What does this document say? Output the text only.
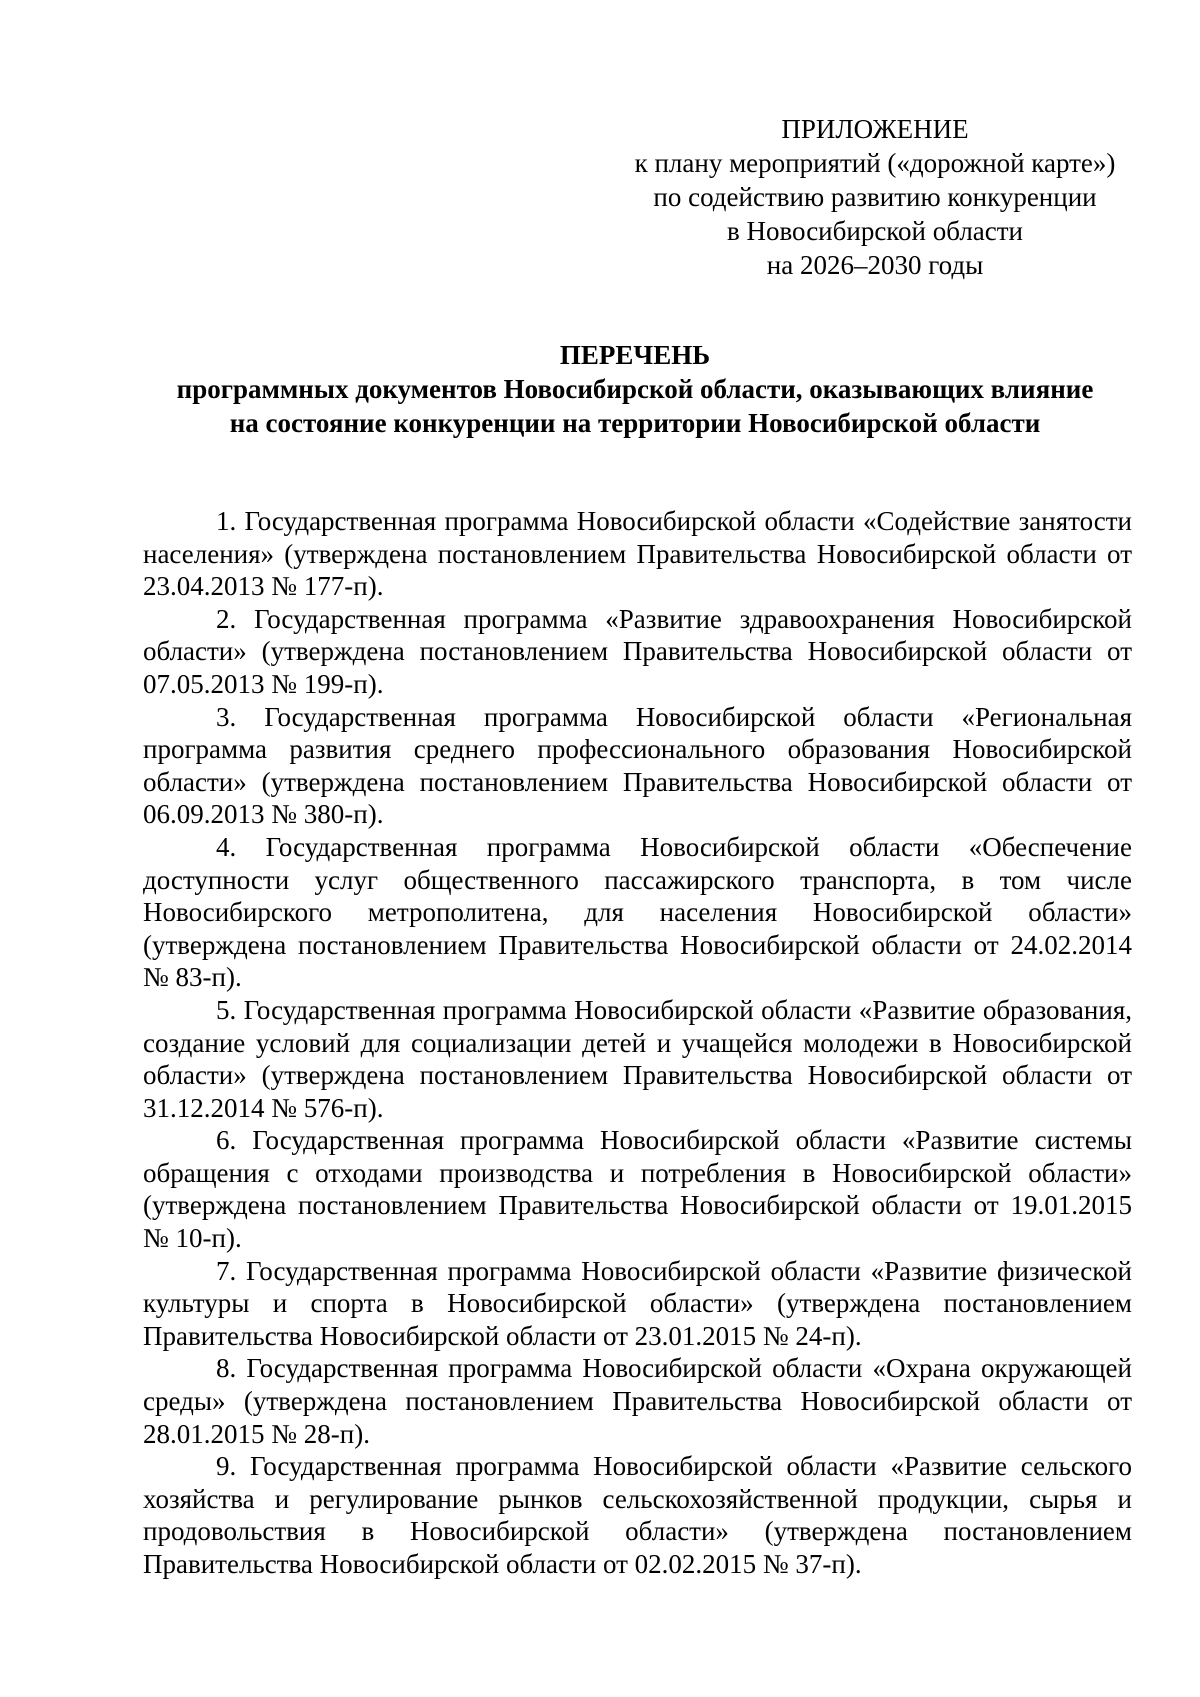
ПРИЛОЖЕНИЕ
к плану мероприятий («дорожной карте»)
по содействию развитию конкуренции
в Новосибирской области
на 2026–2030 годы
ПЕРЕЧЕНЬ
программных документов Новосибирской области, оказывающих влияние
на состояние конкуренции на территории Новосибирской области

1. Государственная программа Новосибирской области «Содействие занятости населения» (утверждена постановлением Правительства Новосибирской области от 23.04.2013 № 177-п).

2. Государственная программа «Развитие здравоохранения Новосибирской области» (утверждена постановлением Правительства Новосибирской области от 07.05.2013 № 199-п).

3. Государственная программа Новосибирской области «Региональная программа развития среднего профессионального образования Новосибирской области» (утверждена постановлением Правительства Новосибирской области от 06.09.2013 № 380-п).

4. Государственная программа Новосибирской области «Обеспечение доступности услуг общественного пассажирского транспорта, в том числе Новосибирского метрополитена, для населения Новосибирской области» (утверждена постановлением Правительства Новосибирской области от 24.02.2014 № 83-п).

5. Государственная программа Новосибирской области «Развитие образования, создание условий для социализации детей и учащейся молодежи в Новосибирской области» (утверждена постановлением Правительства Новосибирской области от 31.12.2014 № 576-п).

6. Государственная программа Новосибирской области «Развитие системы обращения с отходами производства и потребления в Новосибирской области» (утверждена постановлением Правительства Новосибирской области от 19.01.2015 № 10-п).

7. Государственная программа Новосибирской области «Развитие физической культуры и спорта в Новосибирской области» (утверждена постановлением Правительства Новосибирской области от 23.01.2015 № 24-п).

8. Государственная программа Новосибирской области «Охрана окружающей среды» (утверждена постановлением Правительства Новосибирской области от 28.01.2015 № 28-п).

9. Государственная программа Новосибирской области «Развитие сельского хозяйства и регулирование рынков сельскохозяйственной продукции, сырья и продовольствия в Новосибирской области» (утверждена постановлением Правительства Новосибирской области от 02.02.2015 № 37-п).
